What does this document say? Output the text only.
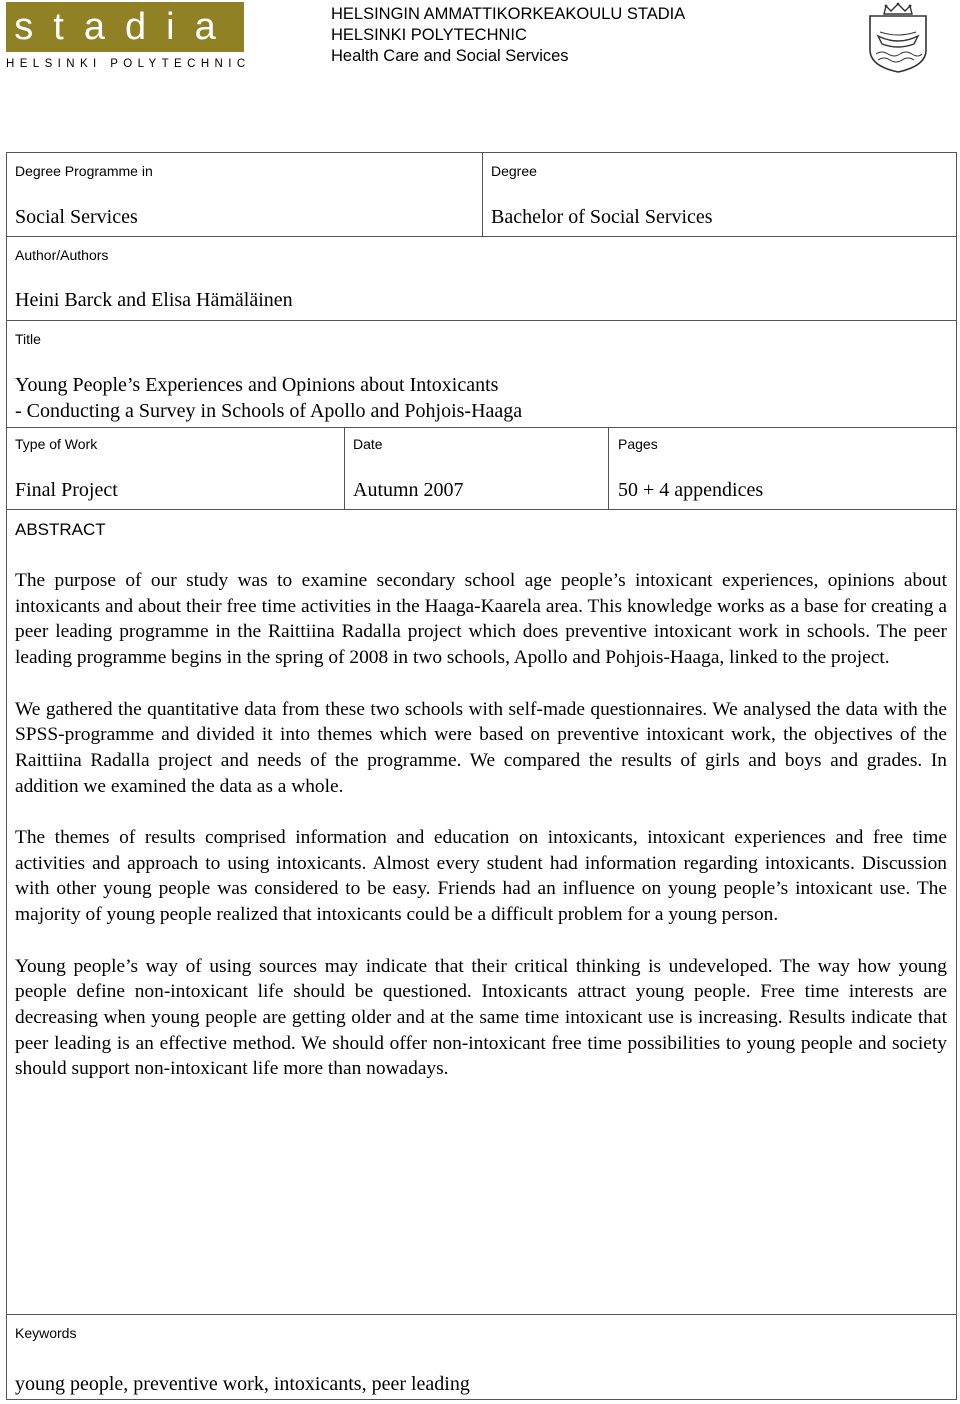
stadia
HELSINKI POLYTECHNIC
HELSINGIN AMMATTIKORKEAKOULU STADIA
HELSINKI POLYTECHNIC
Health Care and Social Services
Degree Programme in
Social Services
Degree
Bachelor of Social Services
Author/Authors
Heini Barck and Elisa Hämäläinen
Title
Young People’s Experiences and Opinions about Intoxicants
- Conducting a Survey in Schools of Apollo and Pohjois-Haaga
Type of Work
Final Project
Date
Autumn 2007
Pages
50 + 4 appendices
ABSTRACT

The purpose of our study was to examine secondary school age people’s intoxicant experiences, opinions about intoxicants and about their free time activities in the Haaga-Kaarela area. This knowledge works as a base for creating a peer leading programme in the Raittiina Radalla project which does preventive intoxicant work in schools. The peer leading programme begins in the spring of 2008 in two schools, Apollo and Pohjois-Haaga, linked to the project.

We gathered the quantitative data from these two schools with self-made questionnaires. We analysed the data with the SPSS-programme and divided it into themes which were based on preventive intoxicant work, the objectives of the Raittiina Radalla project and needs of the programme. We compared the results of girls and boys and grades. In addition we examined the data as a whole.

The themes of results comprised information and education on intoxicants, intoxicant experiences and free time activities and approach to using intoxicants. Almost every student had information regarding intoxicants. Discussion with other young people was considered to be easy. Friends had an influence on young people’s intoxicant use. The majority of young people realized that intoxicants could be a difficult problem for a young person.

Young people’s way of using sources may indicate that their critical thinking is undeveloped. The way how young people define non-intoxicant life should be questioned. Intoxicants attract young people. Free time interests are decreasing when young people are getting older and at the same time intoxicant use is increasing. Results indicate that peer leading is an effective method. We should offer non-intoxicant free time possibilities to young people and society should support non-intoxicant life more than nowadays.

Keywords
young people, preventive work, intoxicants, peer leading
